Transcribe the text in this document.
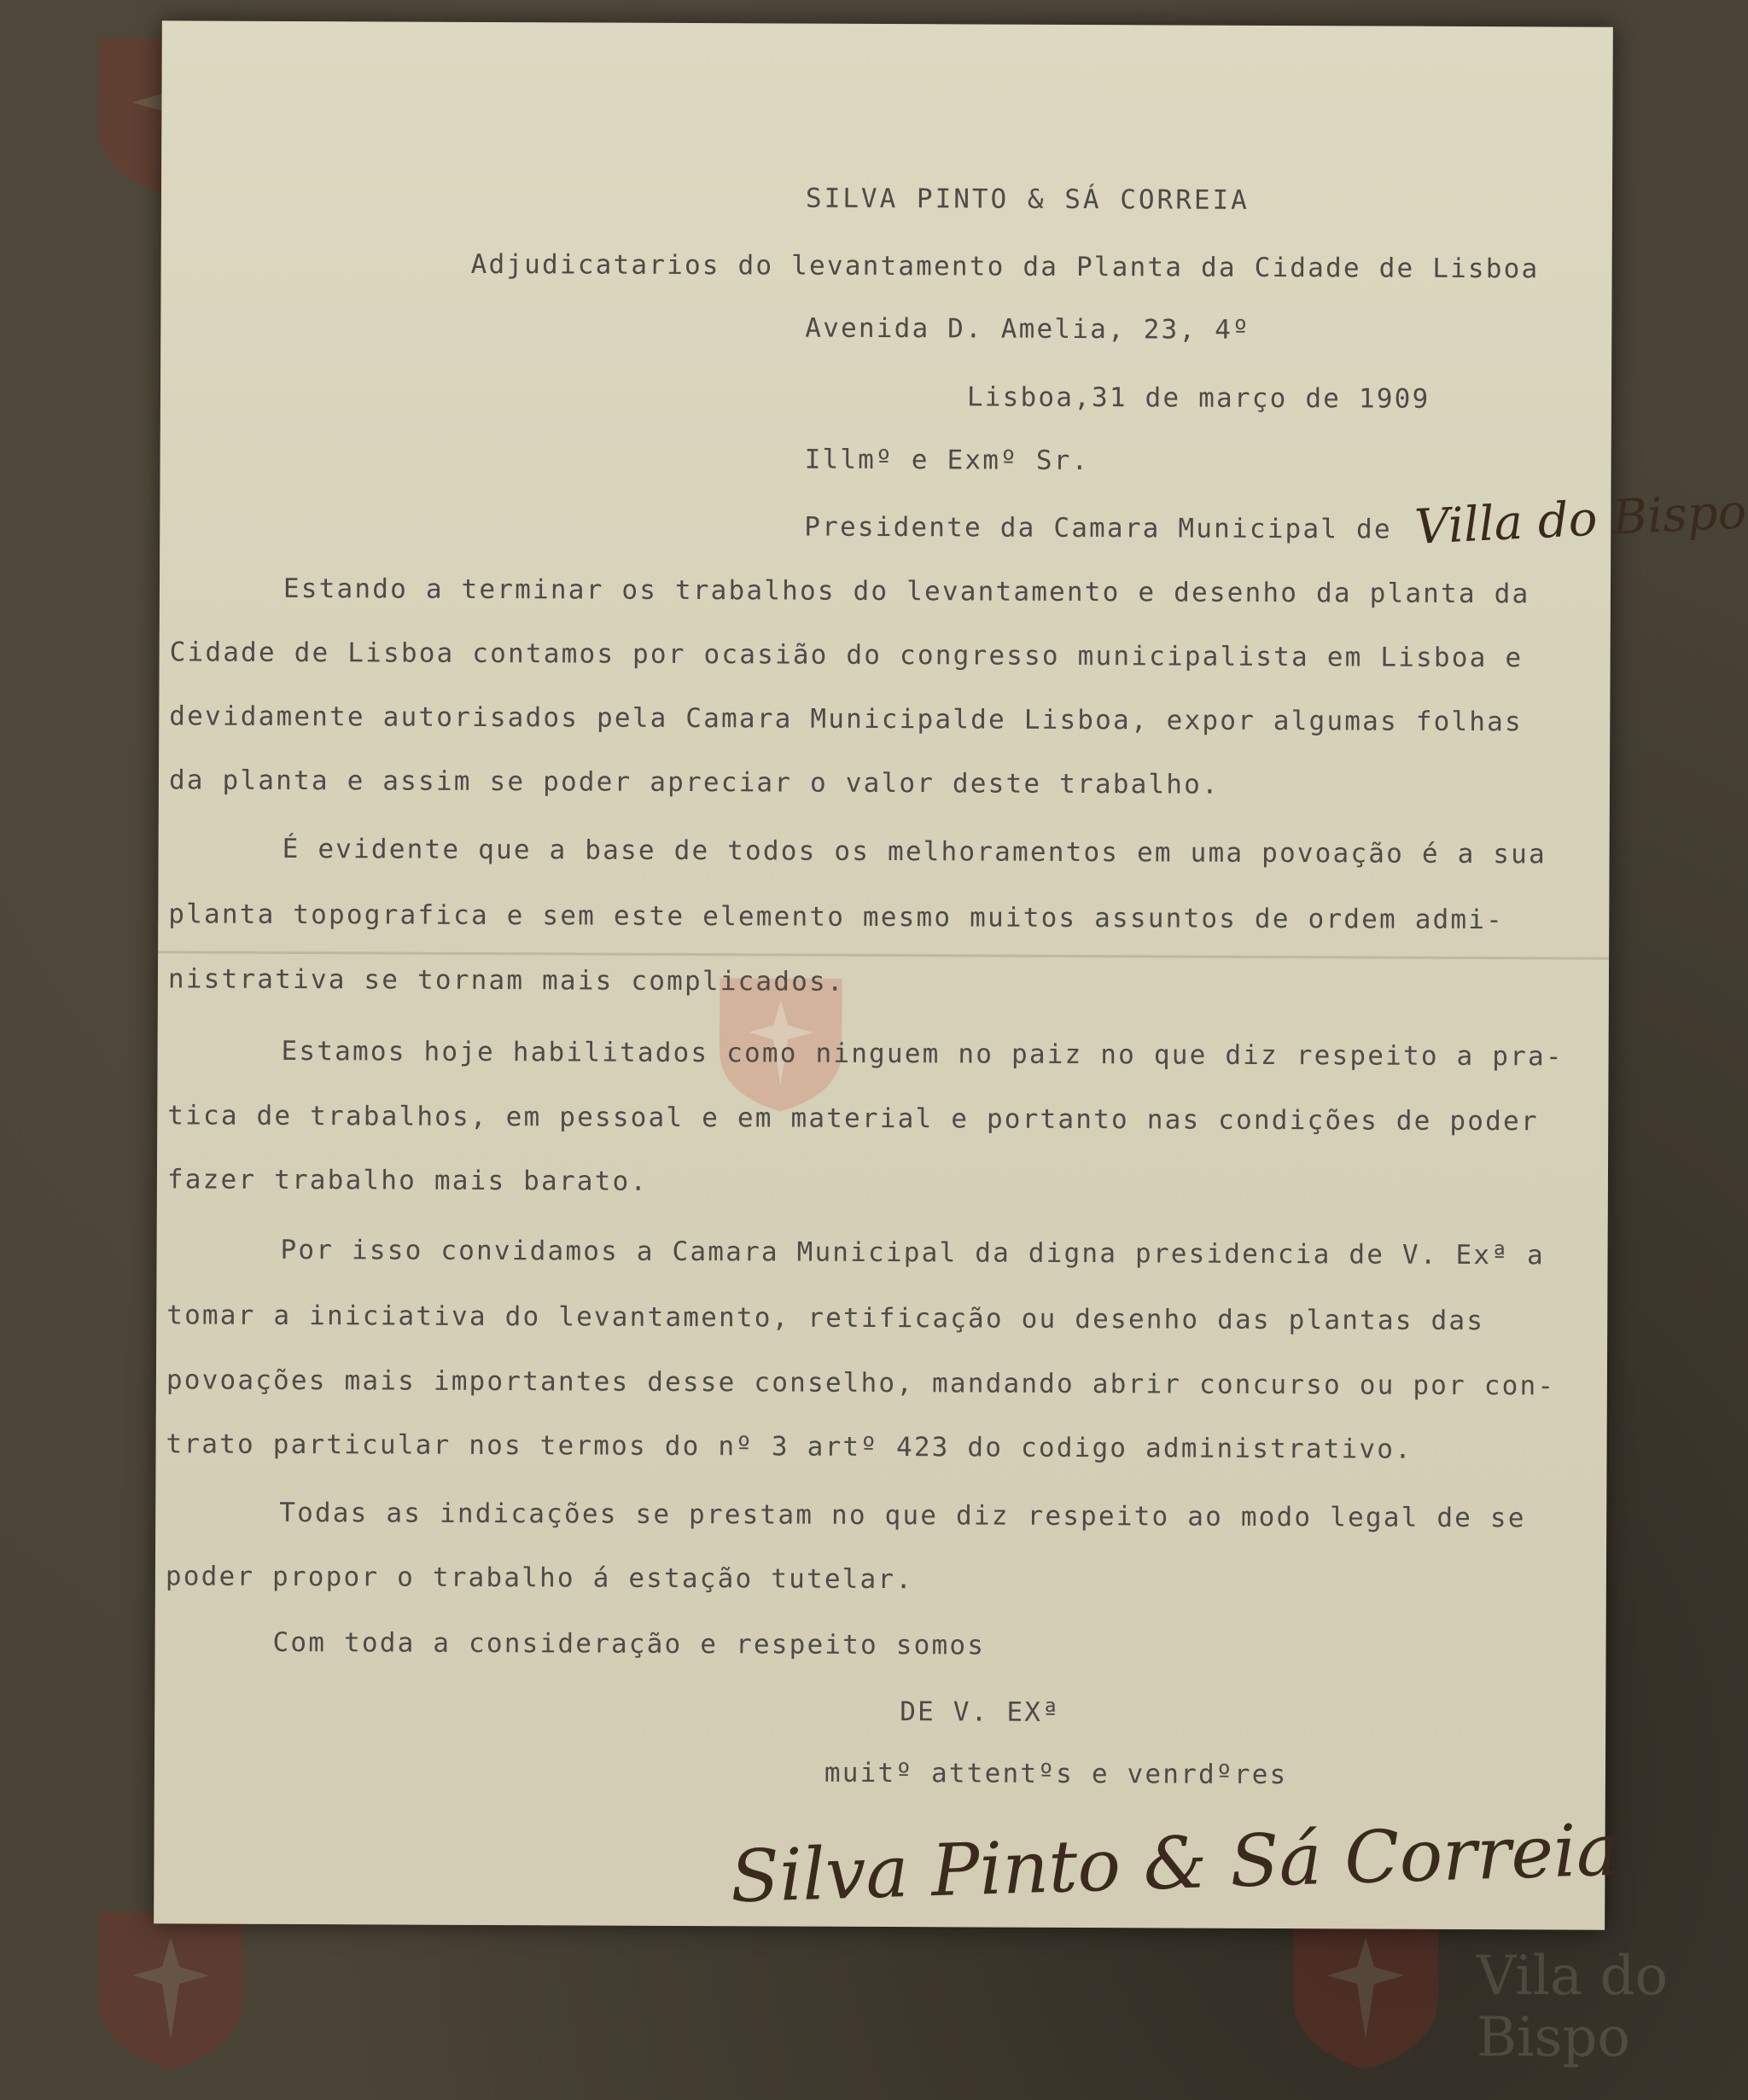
Vila do
Bispo
SILVA PINTO & SÁ CORREIA
Adjudicatarios do levantamento da Planta da Cidade de Lisboa
Avenida D. Amelia, 23, 4º
Lisboa,31 de março de 1909
Illmº e Exmº Sr.
Presidente da Camara Municipal de Villa do Bispo
Estando a terminar os trabalhos do levantamento e desenho da planta da
Cidade de Lisboa contamos por ocasião do congresso municipalista em Lisboa e
devidamente autorisados pela Camara Municipalde Lisboa, expor algumas folhas
da planta e assim se poder apreciar o valor deste trabalho.
É evidente que a base de todos os melhoramentos em uma povoação é a sua
planta topografica e sem este elemento mesmo muitos assuntos de ordem admi-
nistrativa se tornam mais complicados.
Estamos hoje habilitados como ninguem no paiz no que diz respeito a pra-
tica de trabalhos, em pessoal e em material e portanto nas condições de poder
fazer trabalho mais barato.
Por isso convidamos a Camara Municipal da digna presidencia de V. Exª a
tomar a iniciativa do levantamento, retificação ou desenho das plantas das
povoações mais importantes desse conselho, mandando abrir concurso ou por con-
trato particular nos termos do nº 3 artº 423 do codigo administrativo.
Todas as indicações se prestam no que diz respeito ao modo legal de se
poder propor o trabalho á estação tutelar.
Com toda a consideração e respeito somos
DE V. EXª
muitº attentºs e venrdºres
Silva Pinto & Sá Correia
